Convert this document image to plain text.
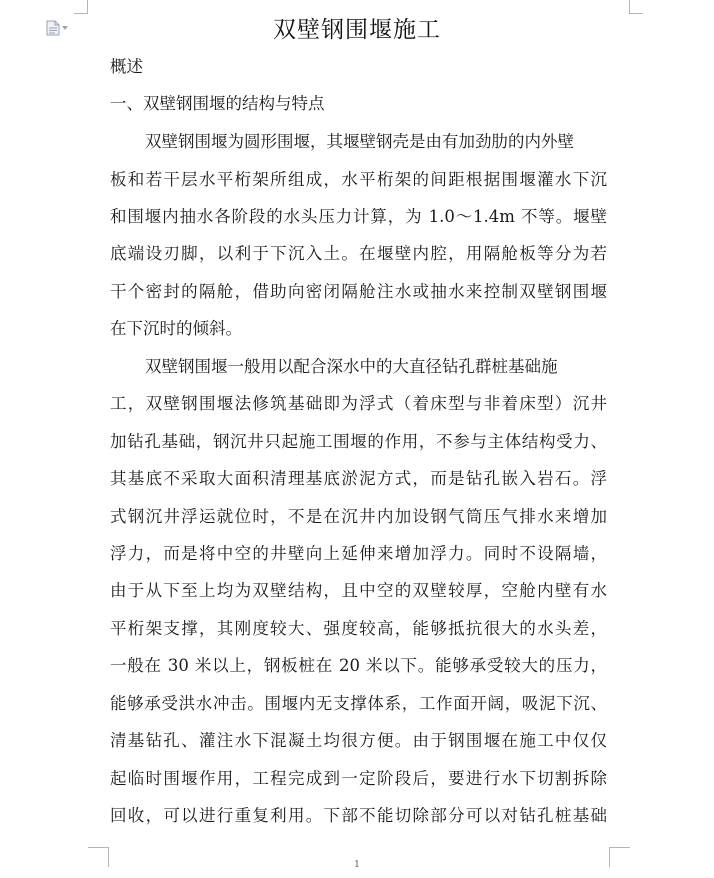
双壁钢围堰施工
概述
一、双壁钢围堰的结构与特点
双壁钢围堰为圆形围堰，其堰壁钢壳是由有加劲肋的内外壁
板和若干层水平桁架所组成，水平桁架的间距根据围堰灌水下沉
和围堰内抽水各阶段的水头压力计算，为 1.0～1.4m 不等。堰壁
底端设刃脚，以利于下沉入土。在堰壁内腔，用隔舱板等分为若
干个密封的隔舱，借助向密闭隔舱注水或抽水来控制双壁钢围堰
在下沉时的倾斜。
双壁钢围堰一般用以配合深水中的大直径钻孔群桩基础施
工，双壁钢围堰法修筑基础即为浮式（着床型与非着床型）沉井
加钻孔基础，钢沉井只起施工围堰的作用，不参与主体结构受力、
其基底不采取大面积清理基底淤泥方式，而是钻孔嵌入岩石。浮
式钢沉井浮运就位时，不是在沉井内加设钢气筒压气排水来增加
浮力，而是将中空的井壁向上延伸来增加浮力。同时不设隔墙，
由于从下至上均为双壁结构，且中空的双壁较厚，空舱内壁有水
平桁架支撑，其刚度较大、强度较高，能够抵抗很大的水头差，
一般在 30 米以上，钢板桩在 20 米以下。能够承受较大的压力，
能够承受洪水冲击。围堰内无支撑体系，工作面开阔，吸泥下沉、
清基钻孔、灌注水下混凝土均很方便。由于钢围堰在施工中仅仅
起临时围堰作用，工程完成到一定阶段后，要进行水下切割拆除
回收，可以进行重复利用。下部不能切除部分可以对钻孔桩基础
1
